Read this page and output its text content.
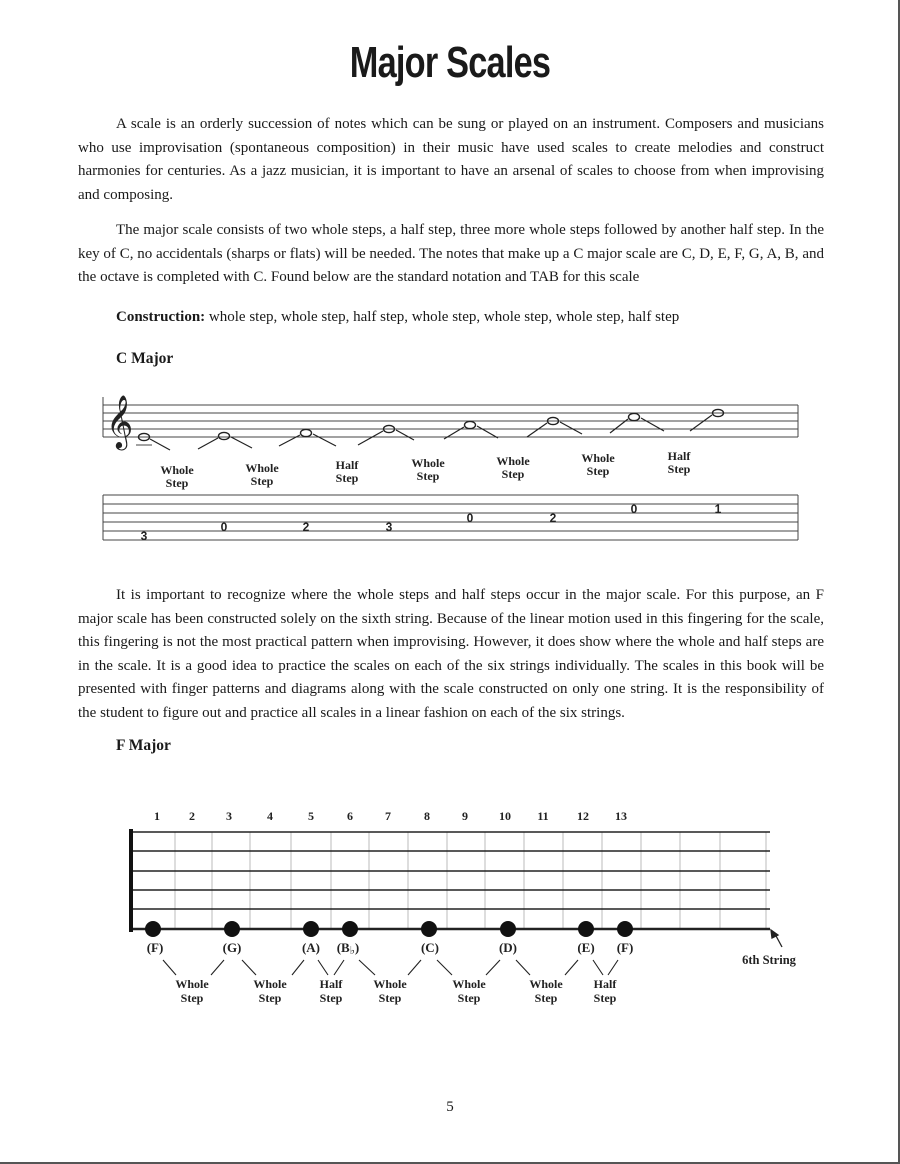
Major Scales

A scale is an orderly succession of notes which can be sung or played on an instrument. Composers and musicians who use improvisation (spontaneous composition) in their music have used scales to create melodies and construct harmonies for centuries. As a jazz musician, it is important to have an arsenal of scales to choose from when improvising and composing.

The major scale consists of two whole steps, a half step, three more whole steps followed by another half step. In the key of C, no accidentals (sharps or flats) will be needed. The notes that make up a C major scale are C, D, E, F, G, A, B, and the octave is completed with C. Found below are the standard notation and TAB for this scale

Construction: whole step, whole step, half step, whole step, whole step, whole step, half step

C Major

𝄞
Whole
Step
Whole
Step
Half
Step
Whole
Step
Whole
Step
Whole
Step
Half
Step
3
0	2	3
0	2
0	1

It is important to recognize where the whole steps and half steps occur in the major scale. For this purpose, an F major scale has been constructed solely on the sixth string. Because of the linear motion used in this fingering for the scale, this fingering is not the most practical pattern when improvising. However, it does show where the whole and half steps are in the scale. It is a good idea to practice the scales on each of the six strings individually. The scales in this book will be presented with finger patterns and diagrams along with the scale constructed on only one string. It is the responsibility of the student to figure out and practice all scales in a linear fashion on each of the six strings.

F Major

1 2	3	4	5	6	7	8	9	10 11 12 13
(F)	(G)	(A) (B♭)	(C)	(D)	(E) (F)
Whole
Step
Whole
Step
Half
Step
Whole
Step
Whole
Step
Whole
Step
Half
Step
6th String
5
